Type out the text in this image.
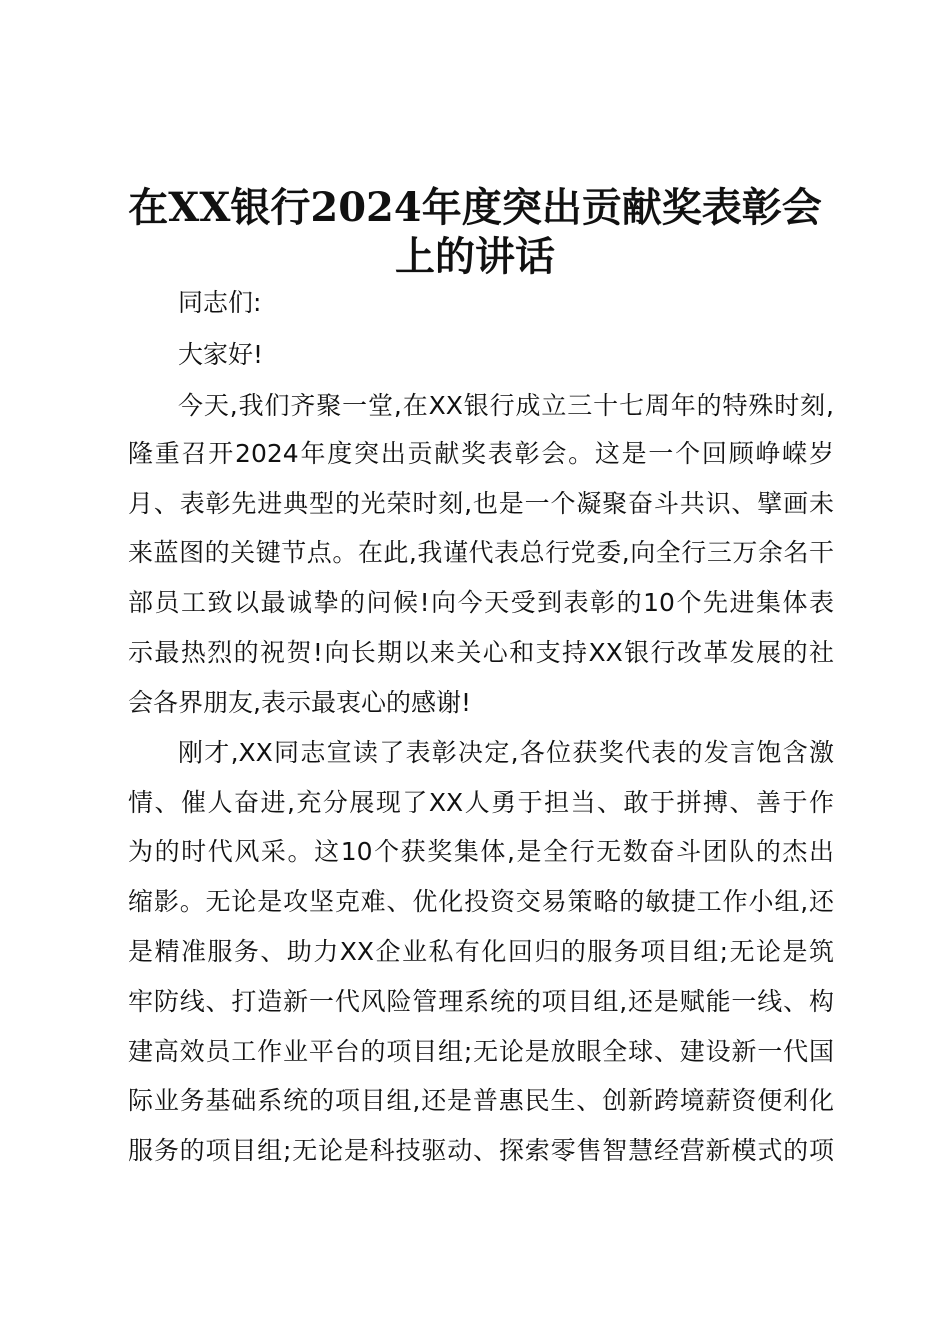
在XX银行2024年度突出贡献奖表彰会
上的讲话

同志们:

大家好!

今天,我们齐聚一堂,在XX银行成立三十七周年的特殊时刻,

隆重召开2024年度突出贡献奖表彰会。这是一个回顾峥嵘岁

月、表彰先进典型的光荣时刻,也是一个凝聚奋斗共识、擘画未

来蓝图的关键节点。在此,我谨代表总行党委,向全行三万余名干

部员工致以最诚挚的问候!向今天受到表彰的10个先进集体表

示最热烈的祝贺!向长期以来关心和支持XX银行改革发展的社

会各界朋友,表示最衷心的感谢!

刚才,XX同志宣读了表彰决定,各位获奖代表的发言饱含激

情、催人奋进,充分展现了XX人勇于担当、敢于拼搏、善于作

为的时代风采。这10个获奖集体,是全行无数奋斗团队的杰出

缩影。无论是攻坚克难、优化投资交易策略的敏捷工作小组,还

是精准服务、助力XX企业私有化回归的服务项目组;无论是筑

牢防线、打造新一代风险管理系统的项目组,还是赋能一线、构

建高效员工作业平台的项目组;无论是放眼全球、建设新一代国

际业务基础系统的项目组,还是普惠民生、创新跨境薪资便利化

服务的项目组;无论是科技驱动、探索零售智慧经营新模式的项
